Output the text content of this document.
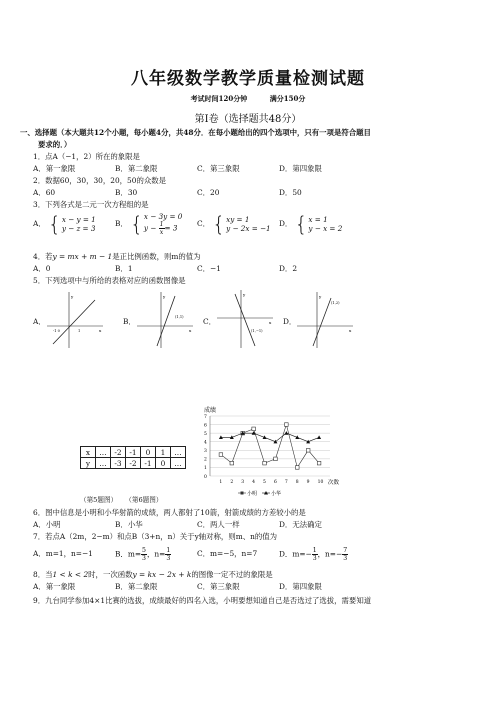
八年级数学教学质量检测试题
考试时间120分钟	满分150分
第Ⅰ卷（选择题共48分）
一、选择题（本大题共12个小题，每小题4分，共48分．在每小题给出的四个选项中，只有一项是符合题目
要求的．）
1．点A（−1，2）所在的象限是
A．第一象限	B．第二象限	C．第三象限	D．第四象限
2．数据60，30，30，20，50的众数是
A．60	B．30	C．20	D．50
3．下列各式是二元一次方程组的是
A． { x − y = 1
y − z = 3
B． { x − 3y = 0
$y - \frac{1}{x} = 3$	C． { xy = 1
y − 2x = −1
D． { x = 1
y − x = 2
4．若y = mx + m − 1是正比例函数，则m的值为
A．0	B．1	C．−1	D．2
5．下列选项中与所给的表格对应的函数图像是
A．
y
x
-1 0	1
B．
y
x
(1,1)	C．
y
x
(1,−1)
D．
y
x
(1,2)
x	…	-2	-1	0	1	…
y	…	-3	-2	-1	0	…
成绩
0
1
2
3
4
5
6
7
1 2 3 4 5 6 7 8 9 10 次数
小明	小华
（第5题图） （第6题图）
6．图中信息是小明和小华射箭的成绩，两人都射了10箭，射箭成绩的方差较小的是
A．小明	B．小华	C．两人一样	D．无法确定
7．若点A（2m，2−m）和点B（3+n，n）关于y轴对称，则m、n的值为
A．m=1，n=−1	B．$m= \frac{5}{3}$ ，$n= \frac{1}{3}$	C．m=−5，n=7	D．$m=- \frac{1}{3}$ ，$n=- \frac{7}{3}$
8．当1 < k < 2时，一次函数y = kx − 2x + k的图像一定不过的象限是
A．第一象限	B．第二象限	C．第三象限	D．第四象限
9．九台同学参加4×1比赛的选拔，成绩最好的四名入选，小明要想知道自己是否选过了选拔，需要知道
